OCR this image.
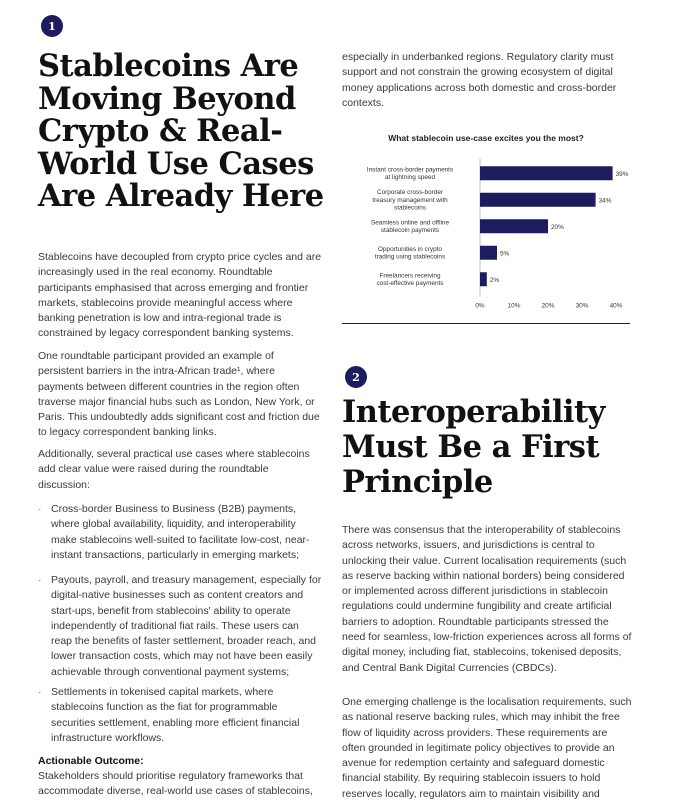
1
Stablecoins Are Moving Beyond Crypto & Real-World Use Cases Are Already Here

Stablecoins have decoupled from crypto price cycles and are increasingly used in the real economy. Roundtable participants emphasised that across emerging and frontier markets, stablecoins provide meaningful access where banking penetration is low and intra-regional trade is constrained by legacy correspondent banking systems.

One roundtable participant provided an example of persistent barriers in the intra-African trade¹, where payments between different countries in the region often traverse major financial hubs such as London, New York, or Paris. This undoubtedly adds significant cost and friction due to legacy correspondent banking links.

Additionally, several practical use cases where stablecoins add clear value were raised during the roundtable discussion:

· Cross-border Business to Business (B2B) payments, where global availability, liquidity, and interoperability make stablecoins well-suited to facilitate low-cost, near-instant transactions, particularly in emerging markets;
· Payouts, payroll, and treasury management, especially for digital-native businesses such as content creators and start-ups, benefit from stablecoins' ability to operate independently of traditional fiat rails. These users can reap the benefits of faster settlement, broader reach, and lower transaction costs, which may not have been easily achievable through conventional payment systems;
· Settlements in tokenised capital markets, where stablecoins function as the fiat for programmable securities settlement, enabling more efficient financial infrastructure workflows.
Actionable Outcome:

Stakeholders should prioritise regulatory frameworks that accommodate diverse, real-world use cases of stablecoins,

especially in underbanked regions. Regulatory clarity must support and not constrain the growing ecosystem of digital money applications across both domestic and cross-border contexts.

What stablecoin use-case excites you the most?
Instant cross-border payments at lightning speed	39%
Corporate cross-border treasury management with stablecoins
34%
Seamless online and offline stablecoin payments	20%
Opportunities in crypto trading using stablecoins	5%
Freelancers receiving cost-effective payments	2%
0%	10%	20%	30%	40%
2
Interoperability Must Be a First Principle

There was consensus that the interoperability of stablecoins across networks, issuers, and jurisdictions is central to unlocking their value. Current localisation requirements (such as reserve backing within national borders) being considered or implemented across different jurisdictions in stablecoin regulations could undermine fungibility and create artificial barriers to adoption. Roundtable participants stressed the need for seamless, low-friction experiences across all forms of digital money, including fiat, stablecoins, tokenised deposits, and Central Bank Digital Currencies (CBDCs).

One emerging challenge is the localisation requirements, such as national reserve backing rules, which may inhibit the free flow of liquidity across providers. These requirements are often grounded in legitimate policy objectives to provide an avenue for redemption certainty and safeguard domestic financial stability. By requiring stablecoin issuers to hold reserves locally, regulators aim to maintain visibility and
